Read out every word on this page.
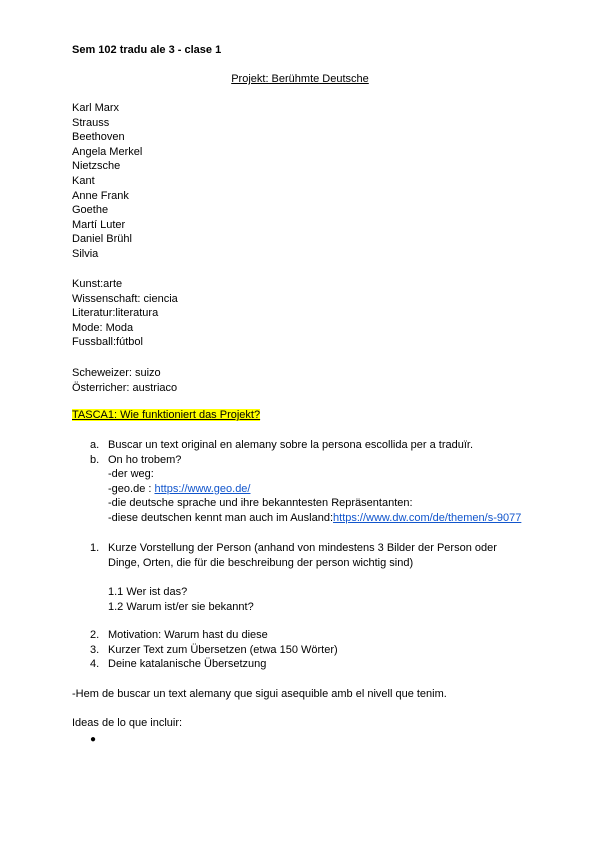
Sem 102 tradu ale 3 - clase 1
Projekt: Berühmte Deutsche
Karl Marx
Strauss
Beethoven
Angela Merkel
Nietzsche
Kant
Anne Frank
Goethe
Martí Luter
Daniel Brühl
Silvia
Kunst:arte
Wissenschaft: ciencia
Literatur:literatura
Mode: Moda
Fussball:fútbol
Scheweizer: suizo
Österricher: austriaco
TASCA1: Wie funktioniert das Projekt?
a. Buscar un text original en alemany sobre la persona escollida per a traduïr.
b. On ho trobem?
-der weg:
-geo.de : https://www.geo.de/
-die deutsche sprache und ihre bekanntesten Repräsentanten:
-diese deutschen kennt man auch im Ausland:https://www.dw.com/de/themen/s-9077
1. Kurze Vorstellung der Person (anhand von mindestens 3 Bilder der Person oder
Dinge, Orten, die für die beschreibung der person wichtig sind)
1.1 Wer ist das?
1.2 Warum ist/er sie bekannt?
2. Motivation: Warum hast du diese
3. Kurzer Text zum Übersetzen (etwa 150 Wörter)
4. Deine katalanische Übersetzung
-Hem de buscar un text alemany que sigui asequible amb el nivell que tenim.
Ideas de lo que incluir:
●
